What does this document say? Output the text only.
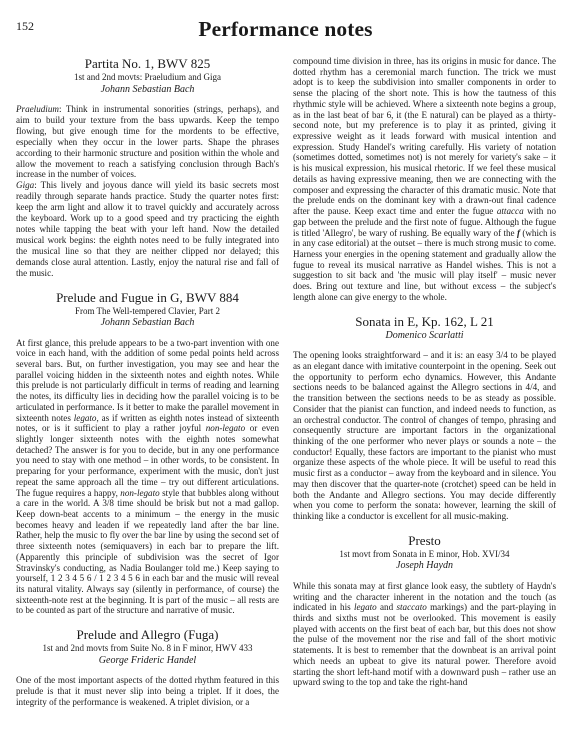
152	Performance notes
Partita No. 1, BWV 825
1st and 2nd movts: Praeludium and Giga
Johann Sebastian Bach

Praeludium: Think in instrumental sonorities (strings, perhaps), and aim to build your texture from the bass upwards. Keep the tempo flowing, but give enough time for the mordents to be effective, especially when they occur in the lower parts. Shape the phrases according to their harmonic structure and position within the whole and allow the movement to reach a satisfying conclusion through Bach's increase in the number of voices.

Giga: This lively and joyous dance will yield its basic secrets most readily through separate hands practice. Study the quarter notes first: keep the arm light and allow it to travel quickly and accurately across the keyboard. Work up to a good speed and try practicing the eighth notes while tapping the beat with your left hand. Now the detailed musical work begins: the eighth notes need to be fully integrated into the musical line so that they are neither clipped nor delayed; this demands close aural attention. Lastly, enjoy the natural rise and fall of the music.

Prelude and Fugue in G, BWV 884
From The Well-tempered Clavier, Part 2
Johann Sebastian Bach

At first glance, this prelude appears to be a two-part invention with one voice in each hand, with the addition of some pedal points held across several bars. But, on further investigation, you may see and hear the parallel voicing hidden in the sixteenth notes and eighth notes. While this prelude is not particularly difficult in terms of reading and learning the notes, its difficulty lies in deciding how the parallel voicing is to be articulated in performance. Is it better to make the parallel movement in sixteenth notes legato, as if written as eighth notes instead of sixteenth notes, or is it sufficient to play a rather joyful non-legato or even slightly longer sixteenth notes with the eighth notes somewhat detached? The answer is for you to decide, but in any one performance you need to stay with one method – in other words, to be consistent. In preparing for your performance, experiment with the music, don't just repeat the same approach all the time – try out different articulations. The fugue requires a happy, non-legato style that bubbles along without a care in the world. A 3/8 time should be brisk but not a mad gallop. Keep down-beat accents to a minimum – the energy in the music becomes heavy and leaden if we repeatedly land after the bar line. Rather, help the music to fly over the bar line by using the second set of three sixteenth notes (semiquavers) in each bar to prepare the lift. (Apparently this principle of subdivision was the secret of Igor Stravinsky's conducting, as Nadia Boulanger told me.) Keep saying to yourself, 1 2 3 4 5 6 / 1 2 3 4 5 6 in each bar and the music will reveal its natural vitality. Always say (silently in performance, of course) the sixteenth-note rest at the beginning. It is part of the music – all rests are to be counted as part of the structure and narrative of music.

Prelude and Allegro (Fuga)
1st and 2nd movts from Suite No. 8 in F minor, HWV 433
George Frideric Handel

One of the most important aspects of the dotted rhythm featured in this prelude is that it must never slip into being a triplet. If it does, the integrity of the performance is weakened. A triplet division, or a

compound time division in three, has its origins in music for dance. The dotted rhythm has a ceremonial march function. The trick we must adopt is to keep the subdivision into smaller components in order to sense the placing of the short note. This is how the tautness of this rhythmic style will be achieved. Where a sixteenth note begins a group, as in the last beat of bar 6, it (the E natural) can be played as a thirty-second note, but my preference is to play it as printed, giving it expressive weight as it leads forward with musical intention and expression. Study Handel's writing carefully. His variety of notation (sometimes dotted, sometimes not) is not merely for variety's sake – it is his musical expression, his musical rhetoric. If we feel these musical details as having expressive meaning, then we are connecting with the composer and expressing the character of this dramatic music. Note that the prelude ends on the dominant key with a drawn-out final cadence after the pause. Keep exact time and enter the fugue attacca with no gap between the prelude and the first note of fugue. Although the fugue is titled 'Allegro', be wary of rushing. Be equally wary of the f (which is in any case editorial) at the outset – there is much strong music to come. Harness your energies in the opening statement and gradually allow the fugue to reveal its musical narrative as Handel wishes. This is not a suggestion to sit back and 'the music will play itself' – music never does. Bring out texture and line, but without excess – the subject's length alone can give energy to the whole.

Sonata in E, Kp. 162, L 21
Domenico Scarlatti

The opening looks straightforward – and it is: an easy 3/4 to be played as an elegant dance with imitative counterpoint in the opening. Seek out the opportunity to perform echo dynamics. However, this Andante sections needs to be balanced against the Allegro sections in 4/4, and the transition between the sections needs to be as steady as possible. Consider that the pianist can function, and indeed needs to function, as an orchestral conductor. The control of changes of tempo, phrasing and consequently structure are important factors in the organizational thinking of the one performer who never plays or sounds a note – the conductor! Equally, these factors are important to the pianist who must organize these aspects of the whole piece. It will be useful to read this music first as a conductor – away from the keyboard and in silence. You may then discover that the quarter-note (crotchet) speed can be held in both the Andante and Allegro sections. You may decide differently when you come to perform the sonata: however, learning the skill of thinking like a conductor is excellent for all music-making.

Presto
1st movt from Sonata in E minor, Hob. XVI/34
Joseph Haydn

While this sonata may at first glance look easy, the subtlety of Haydn's writing and the character inherent in the notation and the touch (as indicated in his legato and staccato markings) and the part-playing in thirds and sixths must not be overlooked. This movement is easily played with accents on the first beat of each bar, but this does not show the pulse of the movement nor the rise and fall of the short motivic statements. It is best to remember that the downbeat is an arrival point which needs an upbeat to give its natural power. Therefore avoid starting the short left-hand motif with a downward push – rather use an upward swing to the top and take the right-hand
